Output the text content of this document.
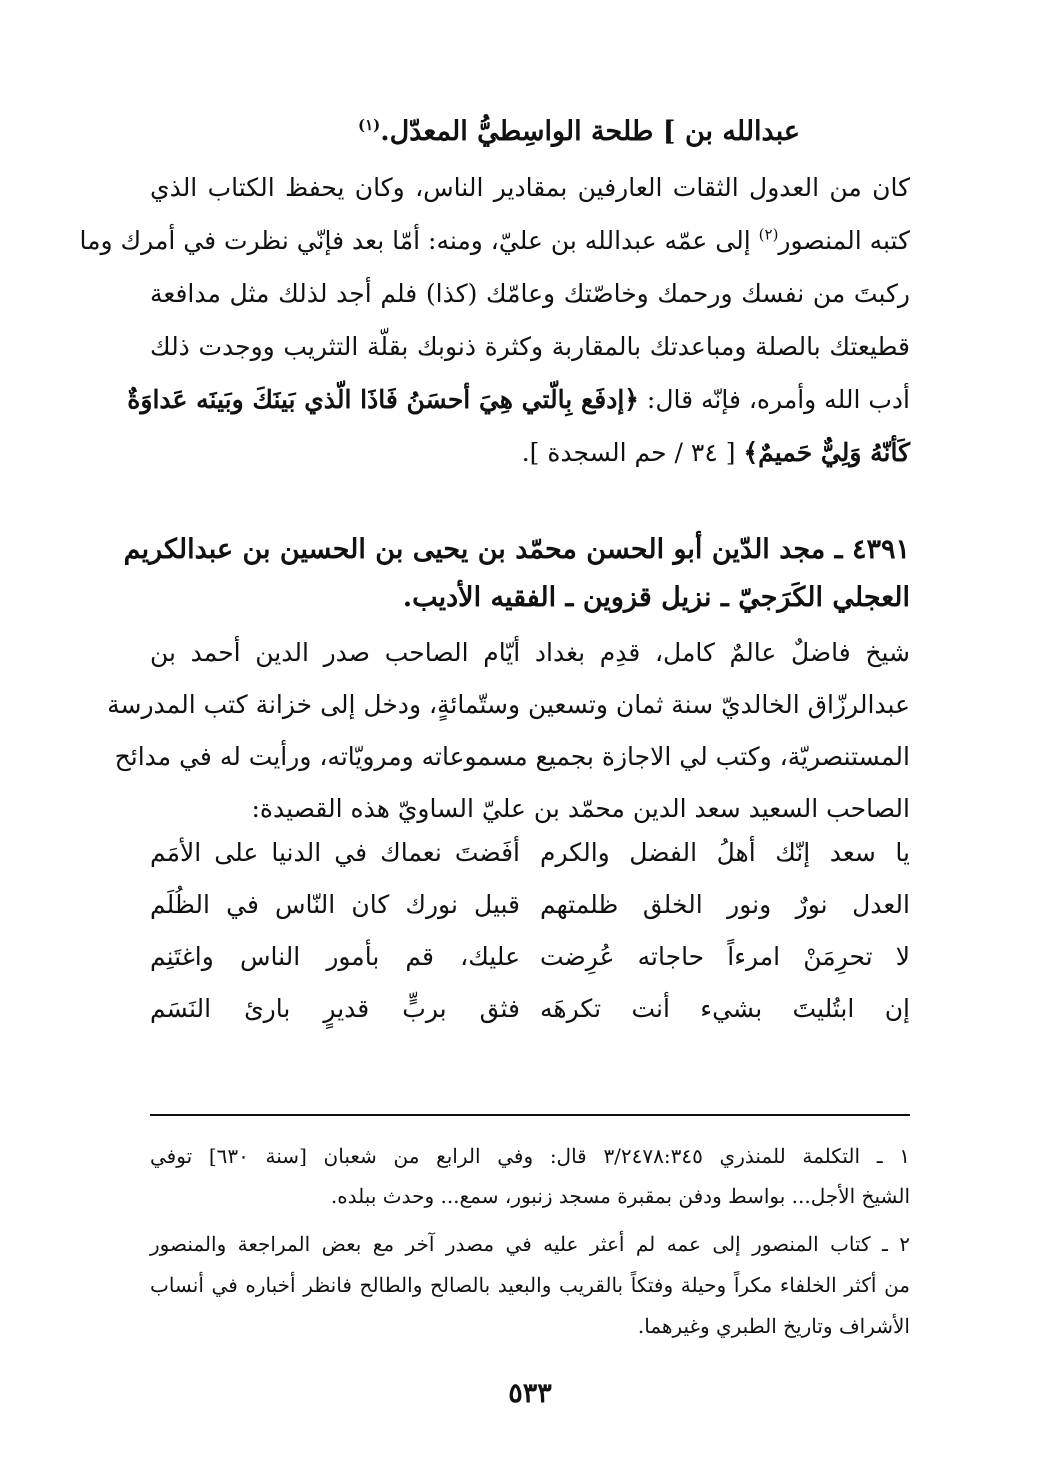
عبدالله بن ] طلحة الواسِطيُّ المعدّل.$^{(١)}$
كان من العدول الثقات العارفين بمقادير الناس، وكان يحفظ الكتاب الذي
كتبه المنصور$^{(٢)}$ إلى عمّه عبدالله بن عليّ، ومنه: أمّا بعد فإنّي نظرت في أمرك وما
ركبتَ من نفسك ورحمك وخاصّتك وعامّك (كذا) فلم أجد لذلك مثل مدافعة
قطيعتك بالصلة ومباعدتك بالمقاربة وكثرة ذنوبك بقلّة التثريب ووجدت ذلك
أدب الله وأمره، فإنّه قال: ﴿إدفَع بِالّتي هِيَ أحسَنُ فَاذَا الّذي بَينَكَ وبَينَه عَداوَةٌ
كَأنّهُ وَلِيٌّ حَميمٌ﴾ [ ٣٤ / حم السجدة ].
٤٣٩١ ـ مجد الدّين أبو الحسن محمّد بن يحيى بن الحسين بن عبدالكريم
العجلي الكَرَجيّ ـ نزيل قزوين ـ الفقيه الأديب.
شيخ فاضلٌ عالمٌ كامل، قدِم بغداد أيّام الصاحب صدر الدين أحمد بن
عبدالرزّاق الخالديّ سنة ثمان وتسعين وستّمائةٍ، ودخل إلى خزانة كتب المدرسة
المستنصريّة، وكتب لي الاجازة بجميع مسموعاته ومرويّاته، ورأيت له في مدائح
الصاحب السعيد سعد الدين محمّد بن عليّ الساويّ هذه القصيدة:
يا سعد إنّك أهلُ الفضل والكرم
أفَضتَ نعماك في الدنيا على الأمَم
العدل نورٌ ونور الخلق ظلمتهم
قبيل نورك كان النّاس في الظُلَم
لا تحرِمَنْ امرءاً حاجاته عُرِضت
عليك، قم بأمور الناس واغتَنِم
إن ابتُليتَ بشيء أنت تكرهَه
فثق بربٍّ قديرٍ بارئ النَسَم
١ ـ التكلمة للمنذري ٣/٢٤٧٨:٣٤٥ قال: وفي الرابع من شعبان [سنة ٦٣٠] توفي
الشيخ الأجل... بواسط ودفن بمقبرة مسجد زنبور، سمع... وحدث ببلده.
٢ ـ كتاب المنصور إلى عمه لم أعثر عليه في مصدر آخر مع بعض المراجعة والمنصور
من أكثر الخلفاء مكراً وحيلة وفتكاً بالقريب والبعيد بالصالح والطالح فانظر أخباره في أنساب
الأشراف وتاريخ الطبري وغيرهما.
٥٣٣
